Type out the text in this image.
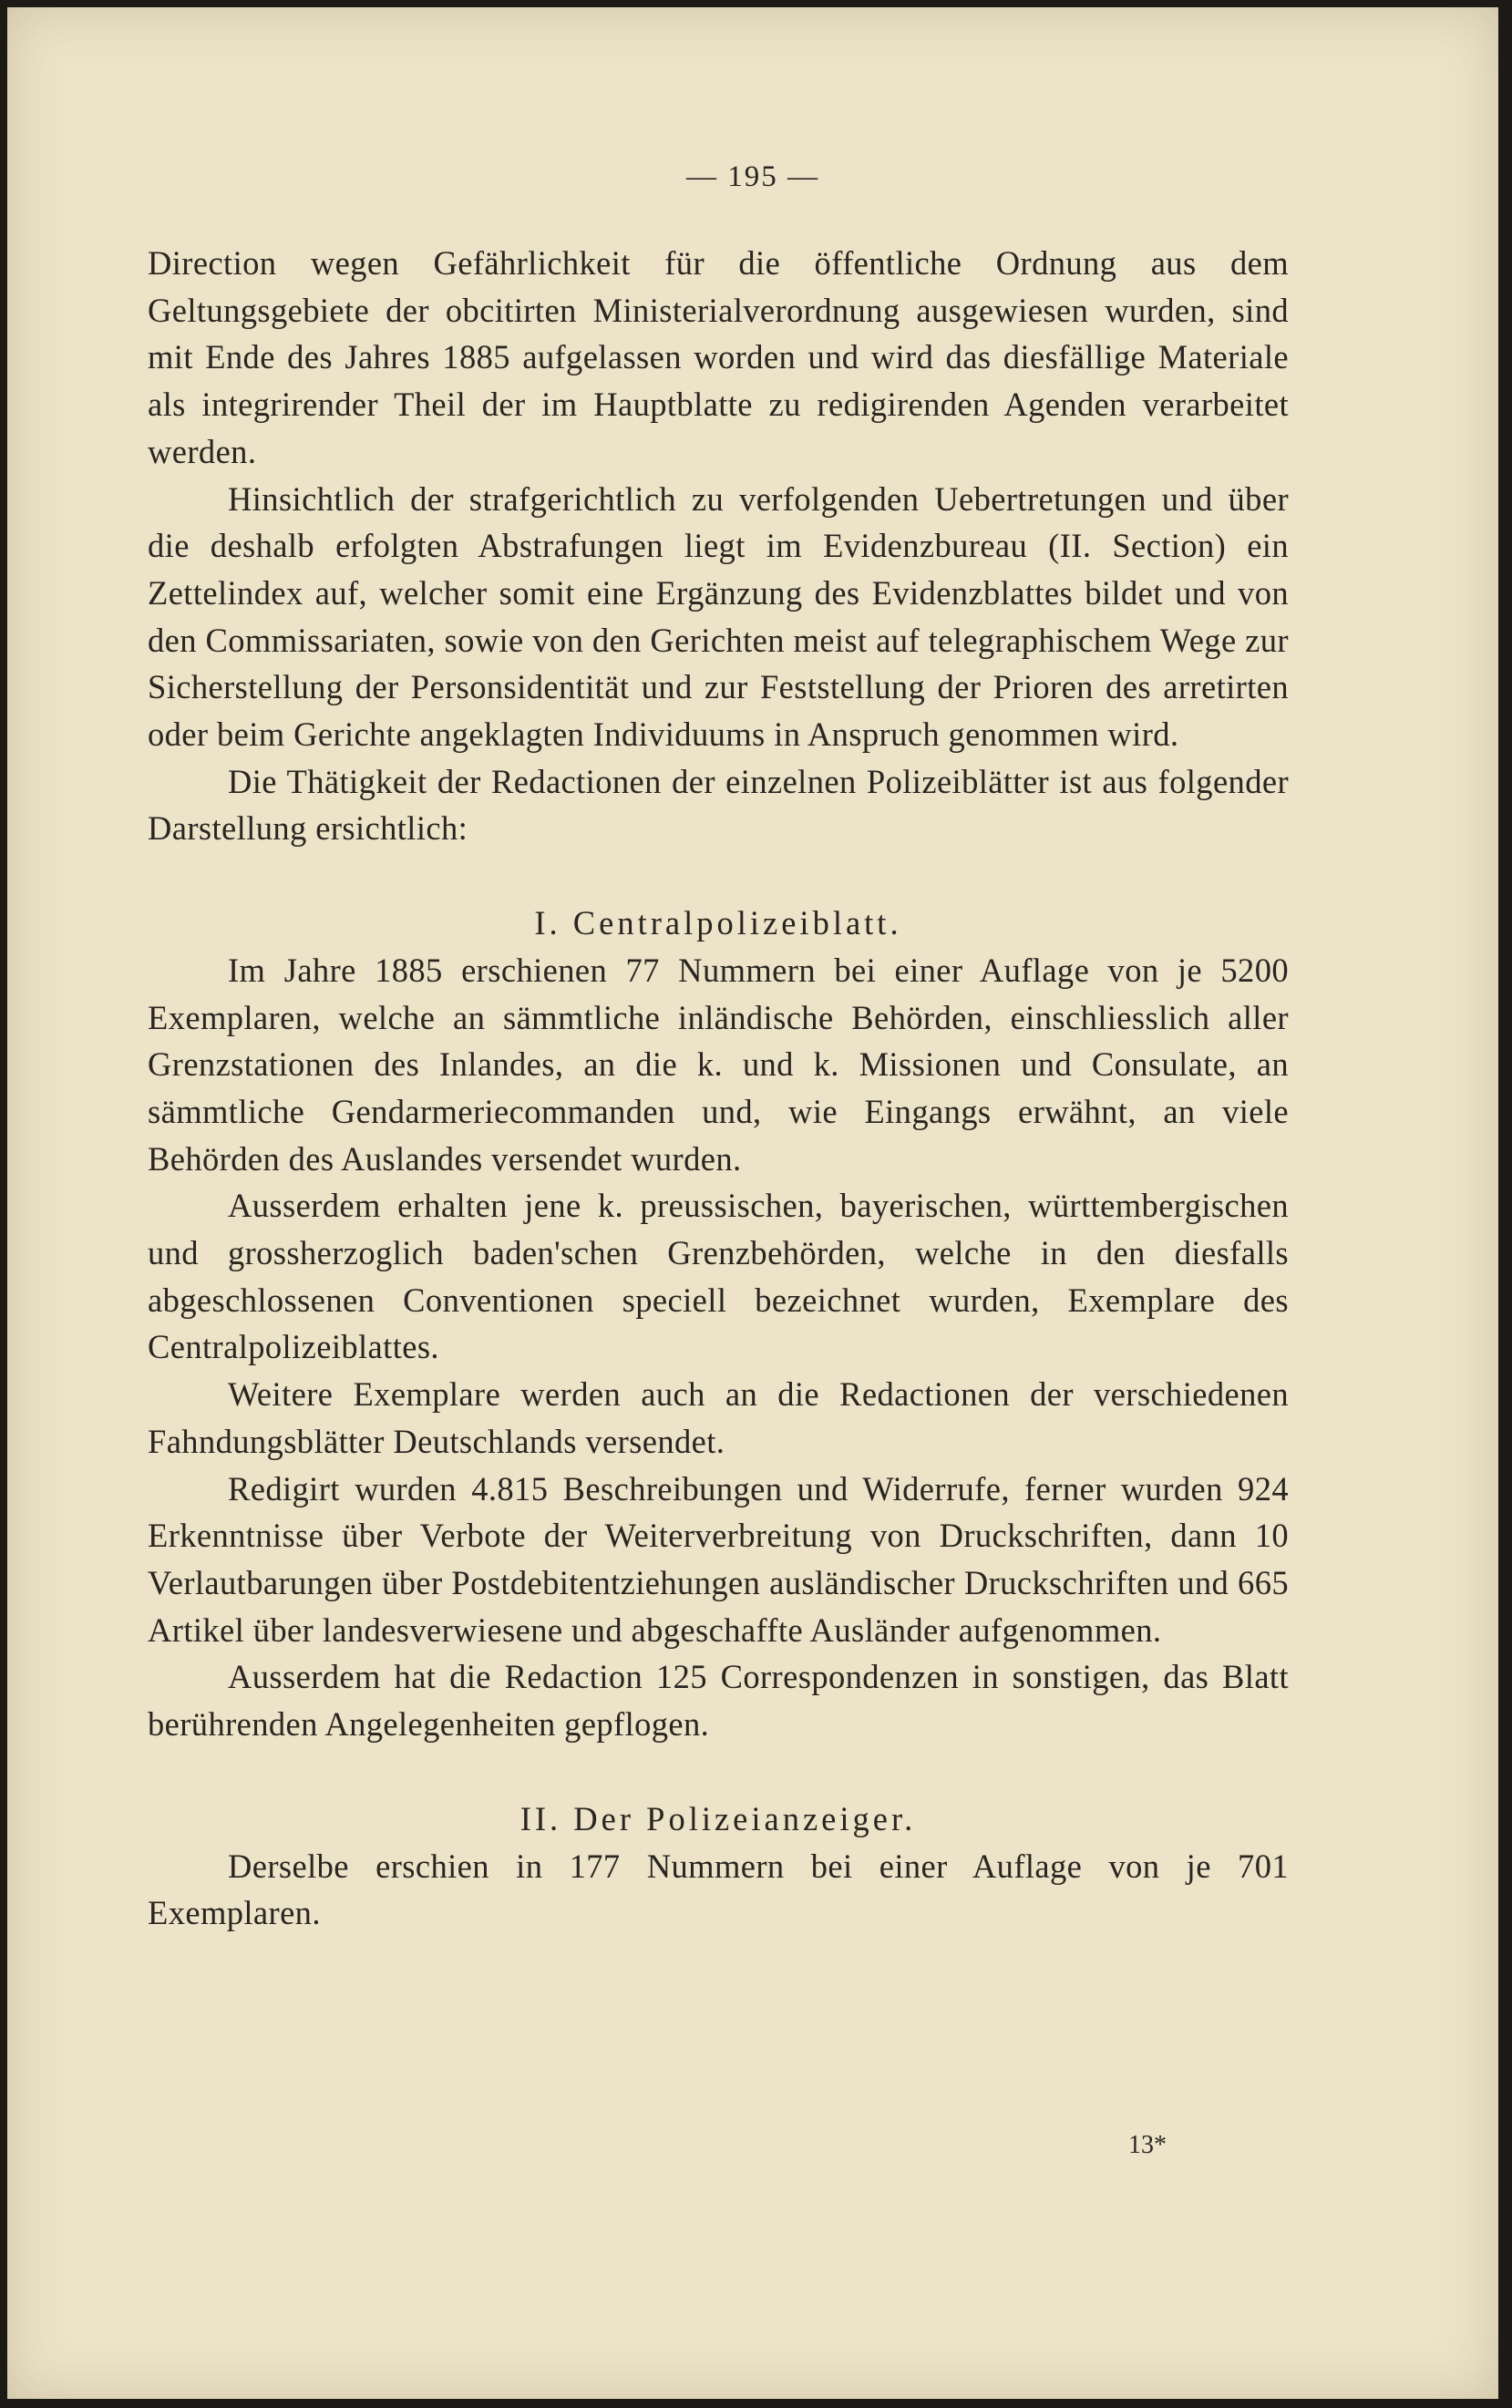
— 195 —

Direction wegen Gefährlichkeit für die öffentliche Ordnung aus dem Geltungsgebiete der obcitirten Ministerialverordnung ausgewiesen wurden, sind mit Ende des Jahres 1885 aufgelassen worden und wird das diesfällige Materiale als integrirender Theil der im Hauptblatte zu redigirenden Agenden verarbeitet werden.

Hinsichtlich der strafgerichtlich zu verfolgenden Uebertretungen und über die deshalb erfolgten Abstrafungen liegt im Evidenzbureau (II. Section) ein Zettelindex auf, welcher somit eine Ergänzung des Evidenzblattes bildet und von den Commissariaten, sowie von den Gerichten meist auf telegraphischem Wege zur Sicherstellung der Personsidentität und zur Feststellung der Prioren des arretirten oder beim Gerichte angeklagten Individuums in Anspruch genommen wird.

Die Thätigkeit der Redactionen der einzelnen Polizeiblätter ist aus folgender Darstellung ersichtlich:

I. Centralpolizeiblatt.

Im Jahre 1885 erschienen 77 Nummern bei einer Auflage von je 5200 Exemplaren, welche an sämmtliche inländische Behörden, einschliesslich aller Grenzstationen des Inlandes, an die k. und k. Missionen und Consulate, an sämmtliche Gendarmeriecommanden und, wie Eingangs erwähnt, an viele Behörden des Auslandes versendet wurden.

Ausserdem erhalten jene k. preussischen, bayerischen, württembergischen und grossherzoglich baden'schen Grenzbehörden, welche in den diesfalls abgeschlossenen Conventionen speciell bezeichnet wurden, Exemplare des Centralpolizeiblattes.

Weitere Exemplare werden auch an die Redactionen der verschiedenen Fahndungsblätter Deutschlands versendet.

Redigirt wurden 4.815 Beschreibungen und Widerrufe, ferner wurden 924 Erkenntnisse über Verbote der Weiterverbreitung von Druckschriften, dann 10 Verlautbarungen über Postdebitentziehungen ausländischer Druckschriften und 665 Artikel über landesverwiesene und abgeschaffte Ausländer aufgenommen.

Ausserdem hat die Redaction 125 Correspondenzen in sonstigen, das Blatt berührenden Angelegenheiten gepflogen.

II. Der Polizeianzeiger.

Derselbe erschien in 177 Nummern bei einer Auflage von je 701 Exemplaren.

13*
